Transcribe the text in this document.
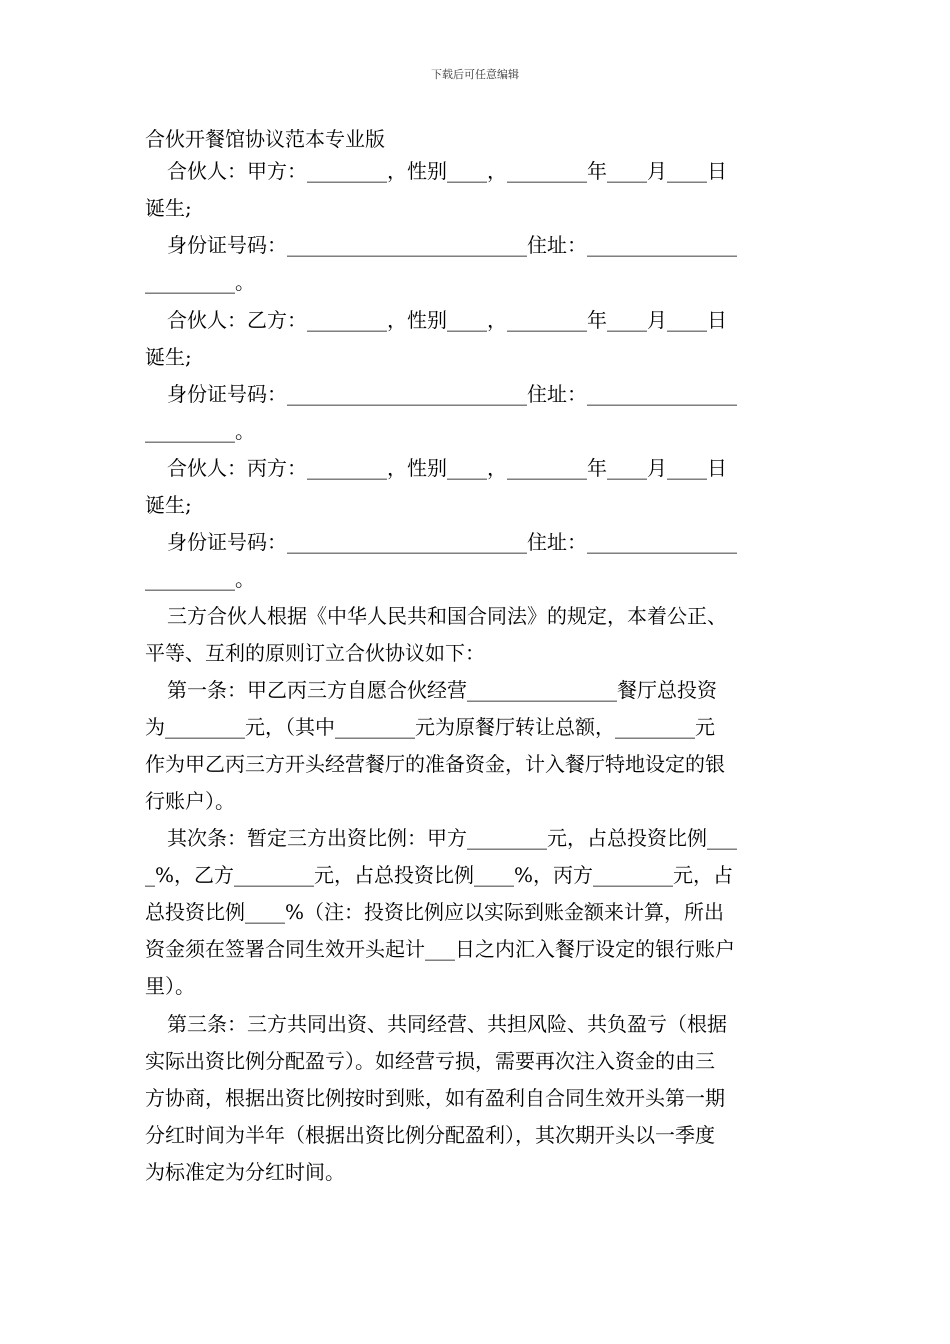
下载后可任意编辑
合伙开餐馆协议范本专业版
合伙人：甲方：________，性别____，________年____月____日
诞生;
身份证号码：________________________住址：_______________
_________。
合伙人：乙方：________，性别____，________年____月____日
诞生;
身份证号码：________________________住址：_______________
_________。
合伙人：丙方：________，性别____，________年____月____日
诞生;
身份证号码：________________________住址：_______________
_________。
三方合伙人根据《中华人民共和国合同法》的规定，本着公正、
平等、互利的原则订立合伙协议如下：
第一条：甲乙丙三方自愿合伙经营_______________餐厅总投资
为________元，（其中________元为原餐厅转让总额，________元
作为甲乙丙三方开头经营餐厅的准备资金，计入餐厅特地设定的银
行账户）。
其次条：暂定三方出资比例：甲方________元，占总投资比例___
_%，乙方________元，占总投资比例____%，丙方________元，占
总投资比例____%（注：投资比例应以实际到账金额来计算，所出
资金须在签署合同生效开头起计___日之内汇入餐厅设定的银行账户
里）。
第三条：三方共同出资、共同经营、共担风险、共负盈亏（根据
实际出资比例分配盈亏）。如经营亏损，需要再次注入资金的由三
方协商，根据出资比例按时到账，如有盈利自合同生效开头第一期
分红时间为半年（根据出资比例分配盈利），其次期开头以一季度
为标准定为分红时间。
